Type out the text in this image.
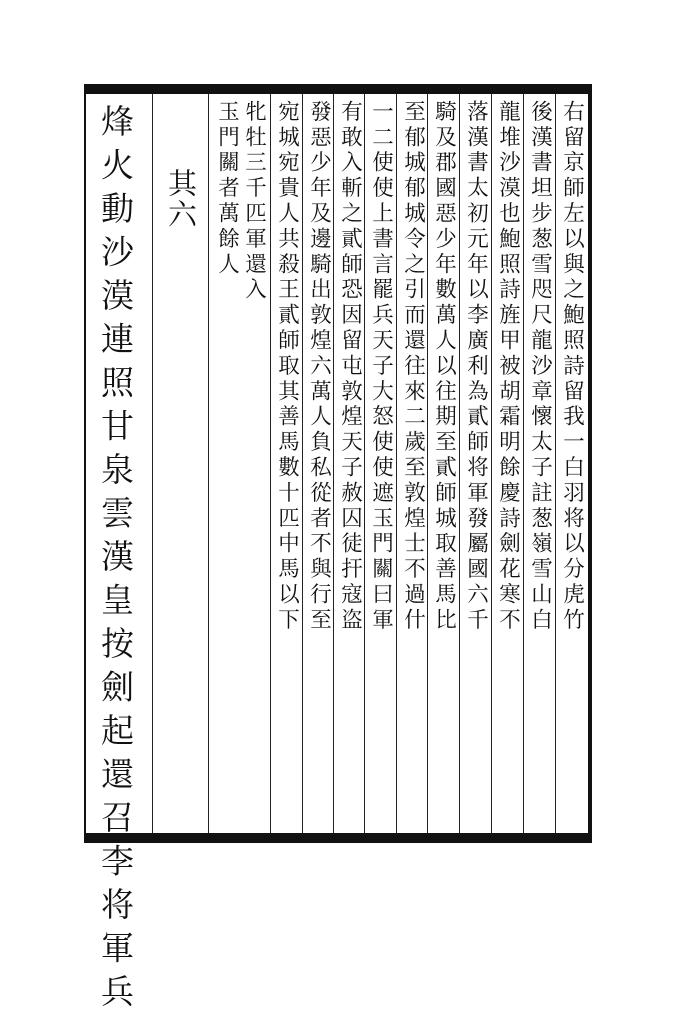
右留京師左以與之鮑照詩留我一白羽将以分虎竹
後漢書坦步葱雪咫尺龍沙章懷太子註葱嶺雪山白
龍堆沙漠也鮑照詩旌甲被胡霜明餘慶詩劍花寒不
落漢書太初元年以李廣利為貳師将軍發屬國六千
騎及郡國惡少年數萬人以往期至貳師城取善馬比
至郁城郁城令之引而還往來二歲至敦煌士不過什
一二使使上書言罷兵天子大怒使使遮玉門關曰軍
有敢入斬之貳師恐因留屯敦煌天子赦囚徒扞寇盗
發惡少年及邊騎出敦煌六萬人負私從者不與行至
宛城宛貴人共殺王貳師取其善馬數十匹中馬以下
牝牡三千匹軍還入
玉門關者萬餘人
其六
烽火動沙漠連照甘泉雲漢皇按劍起還召李将軍兵
